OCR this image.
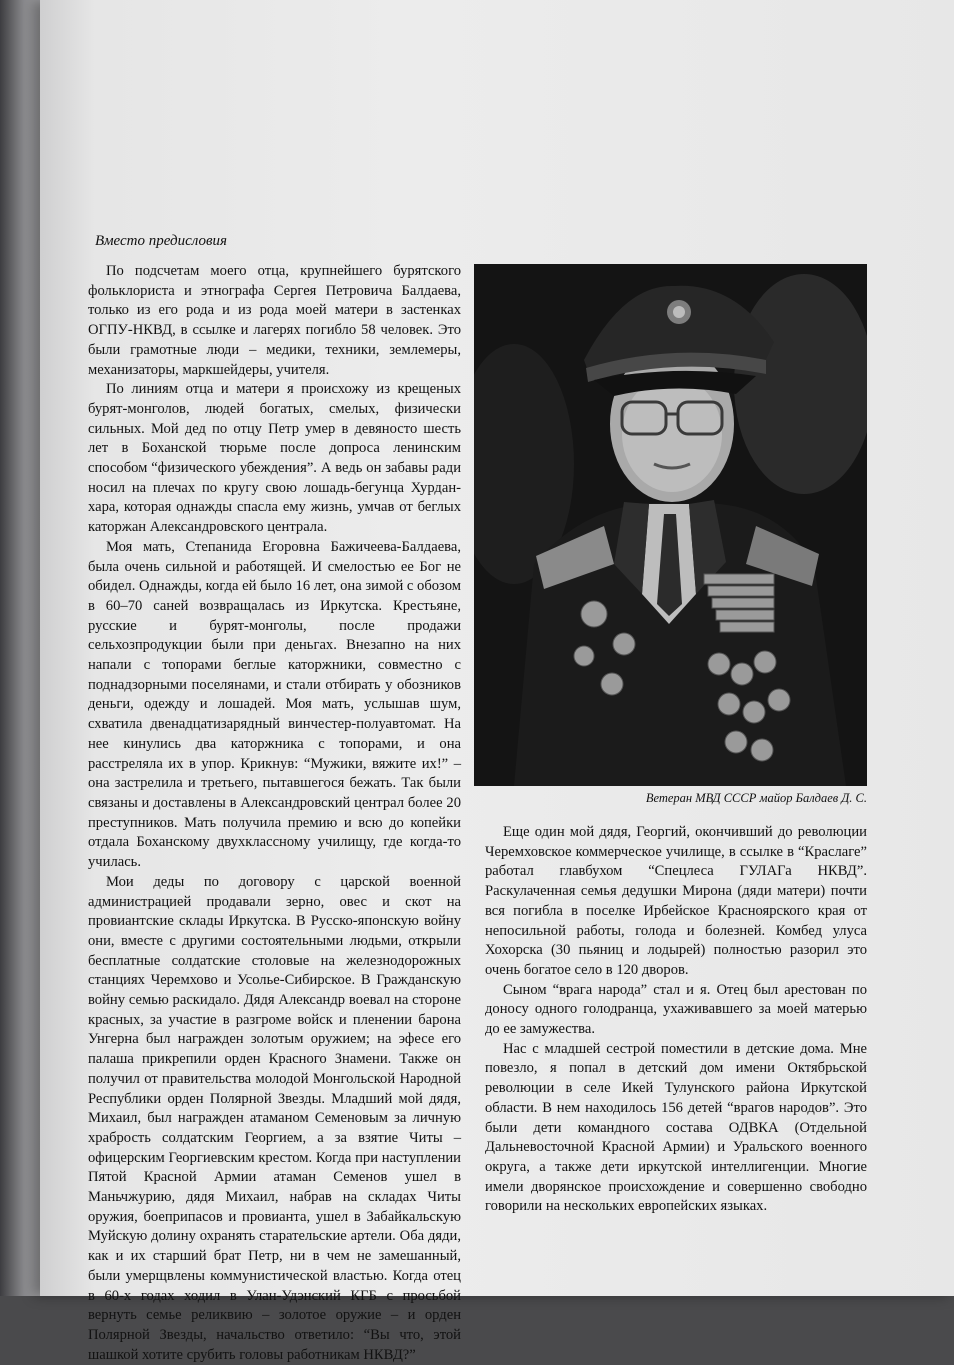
Вместо предисловия

По подсчетам моего отца, крупнейшего бурятского фольклориста и этнографа Сергея Петровича Балдаева, только из его рода и из рода моей матери в застенках ОГПУ-НКВД, в ссылке и лагерях погибло 58 человек. Это были грамотные люди – медики, техники, землемеры, механизаторы, маркшейдеры, учителя.

По линиям отца и матери я происхожу из крещеных бурят-монголов, людей богатых, смелых, физически сильных. Мой дед по отцу Петр умер в девяносто шесть лет в Боханской тюрьме после допроса ленинским способом “физического убеждения”. А ведь он забавы ради носил на плечах по кругу свою лошадь-бегунца Хурдан-хара, которая однажды спасла ему жизнь, умчав от беглых каторжан Александровского централа.

Моя мать, Степанида Егоровна Бажичеева-Балдаева, была очень сильной и работящей. И смелостью ее Бог не обидел. Однажды, когда ей было 16 лет, она зимой с обозом в 60–70 саней возвращалась из Иркутска. Крестьяне, русские и бурят-монголы, после продажи сельхозпродукции были при деньгах. Внезапно на них напали с топорами беглые каторжники, совместно с поднадзорными поселянами, и стали отбирать у обозников деньги, одежду и лошадей. Моя мать, услышав шум, схватила двенадцатизарядный винчестер-полуавтомат. На нее кинулись два каторжника с топорами, и она расстреляла их в упор. Крикнув: “Мужики, вяжите их!” – она застрелила и третьего, пытавшегося бежать. Так были связаны и доставлены в Александровский централ более 20 преступников. Мать получила премию и всю до копейки отдала Боханскому двухклассному училищу, где когда-то училась.

Мои деды по договору с царской военной администрацией продавали зерно, овес и скот на провиантские склады Иркутска. В Русско-японскую войну они, вместе с другими состоятельными людьми, открыли бесплатные солдатские столовые на железнодорожных станциях Черемхово и Усолье-Сибирское. В Гражданскую войну семью раскидало. Дядя Александр воевал на стороне красных, за участие в разгроме войск и пленении барона Унгерна был награжден золотым оружием; на эфесе его палаша прикрепили орден Красного Знамени. Также он получил от правительства молодой Монгольской Народной Республики орден Полярной Звезды. Младший мой дядя, Михаил, был награжден атаманом Семеновым за личную храбрость солдатским Георгием, а за взятие Читы – офицерским Георгиевским крестом. Когда при наступлении Пятой Красной Армии атаман Семенов ушел в Маньчжурию, дядя Михаил, набрав на складах Читы оружия, боеприпасов и провианта, ушел в Забайкальскую Муйскую долину охранять старательские артели. Оба дяди, как и их старший брат Петр, ни в чем не замешанный, были умерщвлены коммунистической властью. Когда отец в 60-х годах ходил в Улан-Удэнский КГБ с просьбой вернуть семье реликвию – золотое оружие – и орден Полярной Звезды, начальство ответило: “Вы что, этой шашкой хотите срубить головы работникам НКВД?”

Ветеран МВД СССР майор Балдаев Д. С.

Еще один мой дядя, Георгий, окончивший до революции Черемховское коммерческое училище, в ссылке в “Краслаге” работал главбухом “Спецлеса ГУЛАГа НКВД”. Раскулаченная семья дедушки Мирона (дяди матери) почти вся погибла в поселке Ирбейское Красноярского края от непосильной работы, голода и болезней. Комбед улуса Хохорска (30 пьяниц и лодырей) полностью разорил это очень богатое село в 120 дворов.

Сыном “врага народа” стал и я. Отец был арестован по доносу одного голодранца, ухаживавшего за моей матерью до ее замужества.

Нас с младшей сестрой поместили в детские дома. Мне повезло, я попал в детский дом имени Октябрьской революции в селе Икей Тулунского района Иркутской области. В нем находилось 156 детей “врагов народов”. Это были дети командного состава ОДВКА (Отдельной Дальневосточной Красной Армии) и Уральского военного округа, а также дети иркутской интеллигенции. Многие имели дворянское происхождение и совершенно свободно говорили на нескольких европейских языках.
